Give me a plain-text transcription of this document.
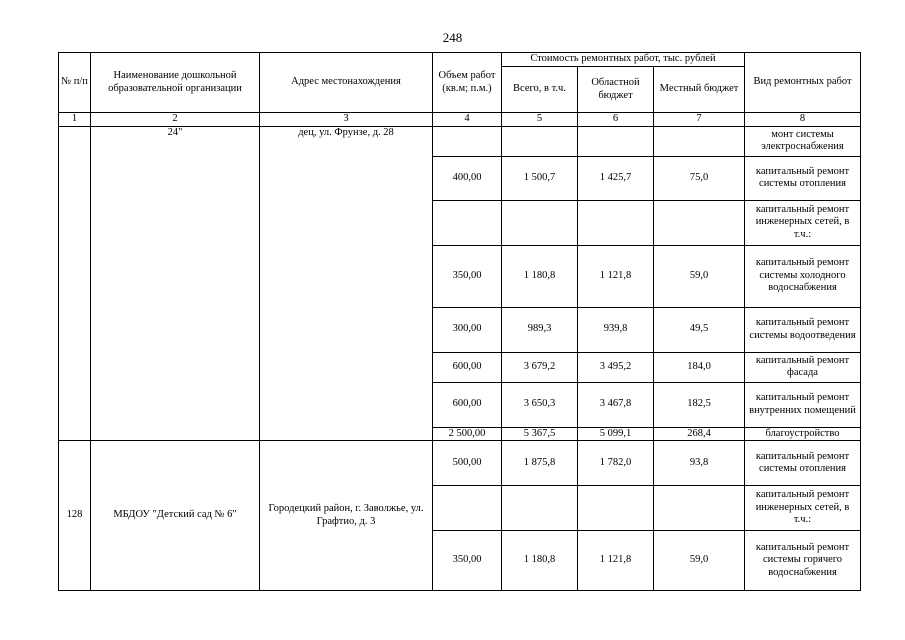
248
№ п/п	Наименование дошкольной образовательной организации	Адрес местонахождения	Объем работ (кв.м; п.м.)	Стоимость ремонтных работ, тыс. рублей			Вид ремонтных работ
				Всего, в т.ч.	Областной бюджет	Местный бюджет	
1	2	3	4	5	6	7	8
	24"	дец, ул. Фрунзе, д. 28					монт системы электроснабжения
			400,00	1 500,7	1 425,7	75,0	капитальный ремонт системы отопления
							капитальный ремонт инженерных сетей, в т.ч.:
			350,00	1 180,8	1 121,8	59,0	капитальный ремонт системы холодного водоснабжения
			300,00	989,3	939,8	49,5	капитальный ремонт системы водоотведения
			600,00	3 679,2	3 495,2	184,0	капитальный ремонт фасада
			600,00	3 650,3	3 467,8	182,5	капитальный ремонт внутренних помещений
			2 500,00	5 367,5	5 099,1	268,4	благоустройство
128	МБДОУ "Детский сад № 6"	Городецкий район, г. Заволжье, ул. Графтио, д. 3	500,00	1 875,8	1 782,0	93,8	капитальный ремонт системы отопления
							капитальный ремонт инженерных сетей, в т.ч.:
			350,00	1 180,8	1 121,8	59,0	капитальный ремонт системы горячего водоснабжения
